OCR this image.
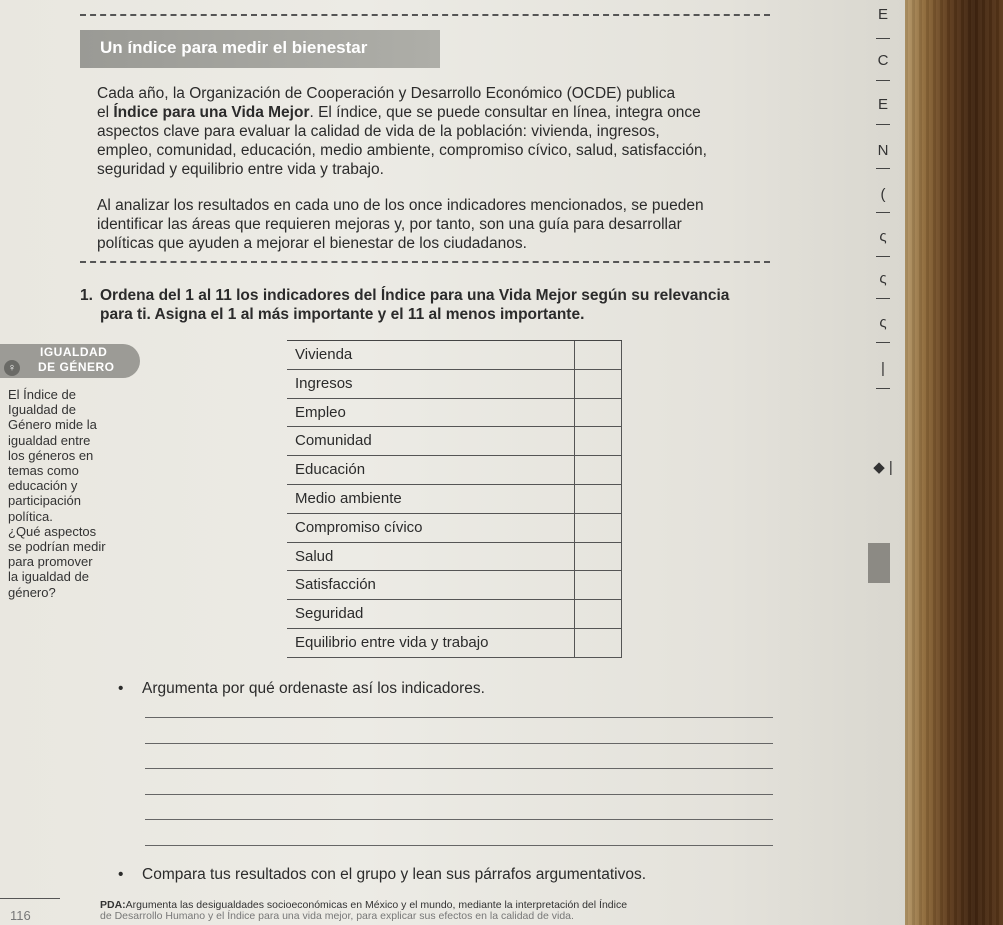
Un índice para medir el bienestar
Cada año, la Organización de Cooperación y Desarrollo Económico (OCDE) publica
el Índice para una Vida Mejor. El índice, que se puede consultar en línea, integra once
aspectos clave para evaluar la calidad de vida de la población: vivienda, ingresos,
empleo, comunidad, educación, medio ambiente, compromiso cívico, salud, satisfacción,
seguridad y equilibrio entre vida y trabajo.
Al analizar los resultados en cada uno de los once indicadores mencionados, se pueden
identificar las áreas que requieren mejoras y, por tanto, son una guía para desarrollar
políticas que ayuden a mejorar el bienestar de los ciudadanos.
1. Ordena del 1 al 11 los indicadores del Índice para una Vida Mejor según su relevancia
para ti. Asigna el 1 al más importante y el 11 al menos importante.
♀
IGUALDAD
DE GÉNERO
El Índice de
Igualdad de
Género mide la
igualdad entre
los géneros en
temas como
educación y
participación
política.
¿Qué aspectos
se podrían medir
para promover
la igualdad de
género?
Vivienda
Ingresos
Empleo
Comunidad
Educación
Medio ambiente
Compromiso cívico
Salud
Satisfacción
Seguridad
Equilibrio entre vida y trabajo
• Argumenta por qué ordenaste así los indicadores.
• Compara tus resultados con el grupo y lean sus párrafos argumentativos.
116
PDA:Argumenta las desigualdades socioeconómicas en México y el mundo, mediante la interpretación del Índice
de Desarrollo Humano y el Índice para una vida mejor, para explicar sus efectos en la calidad de vida.
E
C
E
N
(
ς
ς
ς
|
◆ |
